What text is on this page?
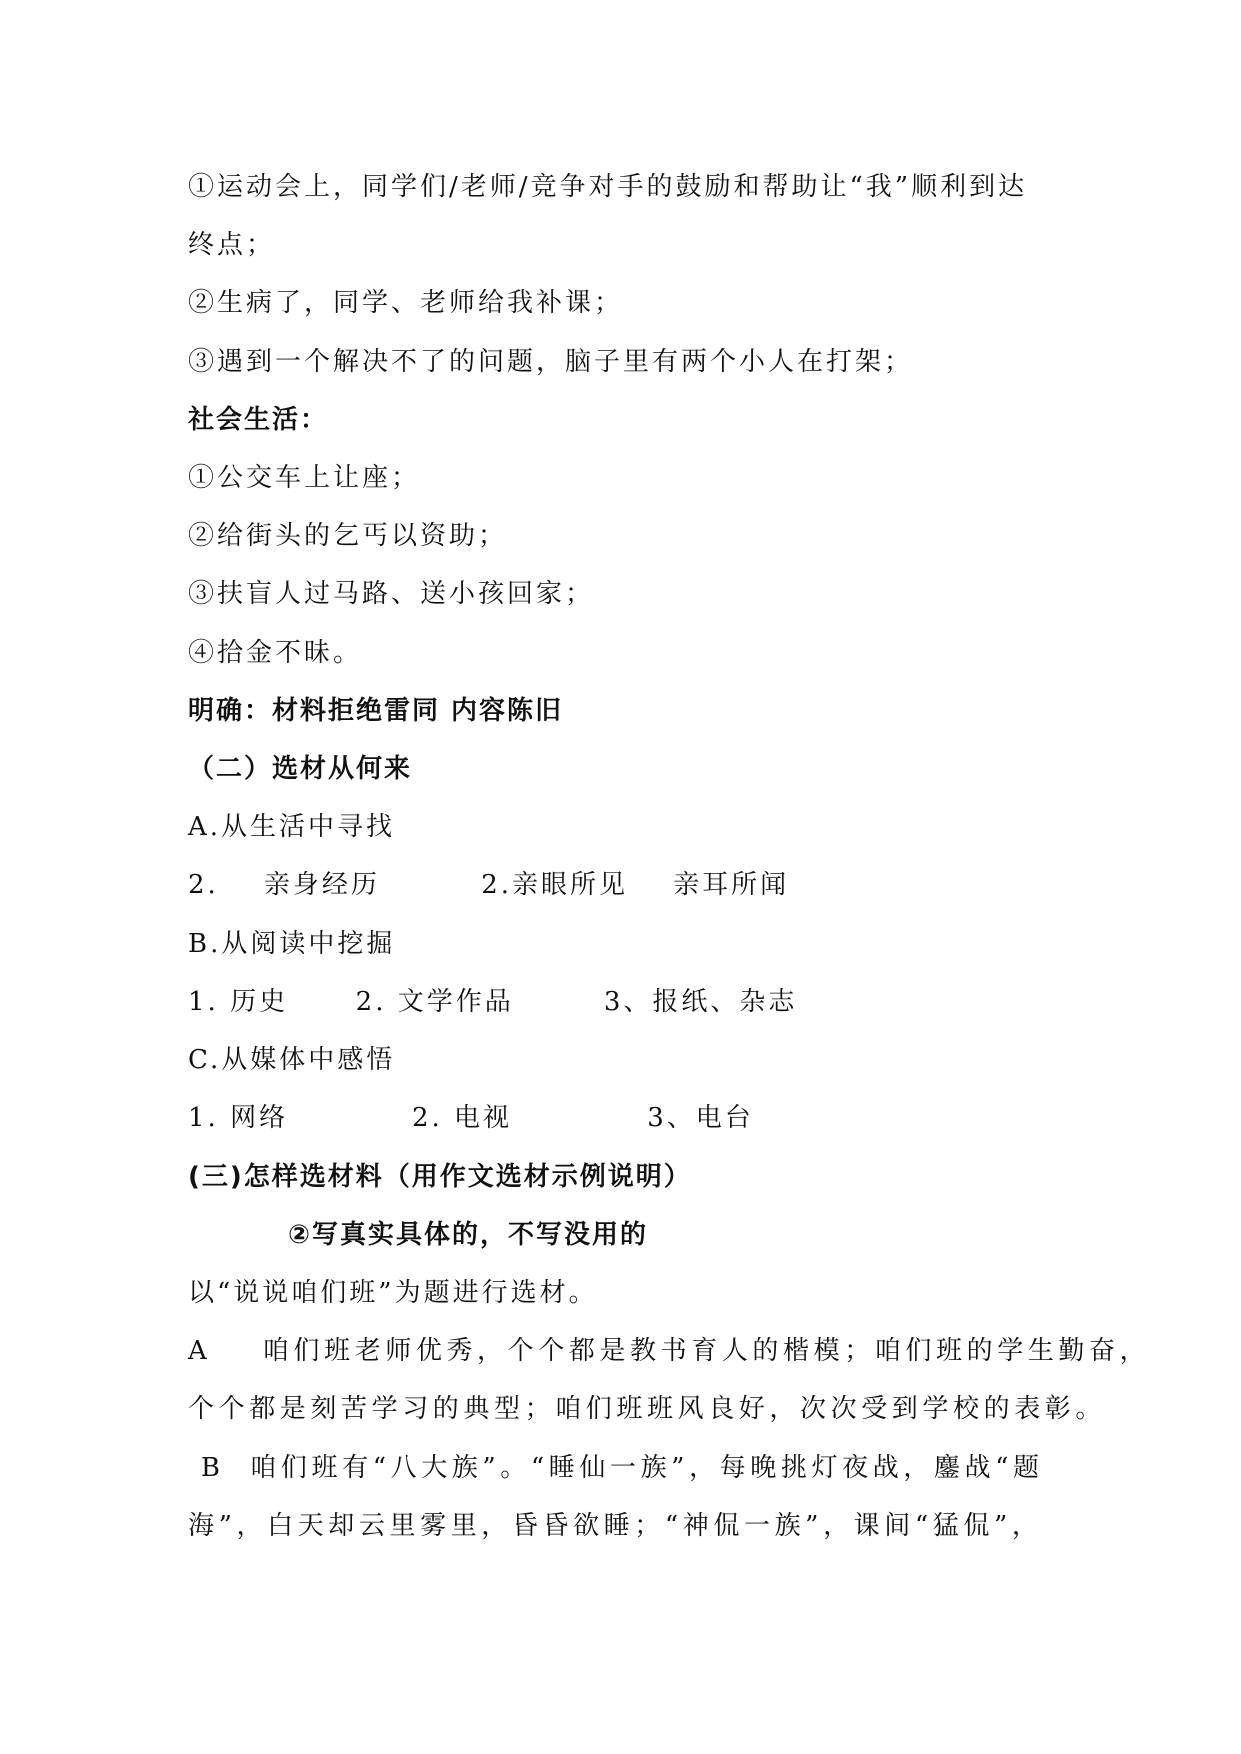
①运动会上，同学们/老师/竞争对手的鼓励和帮助让“我”顺利到达
终点；
②生病了，同学、老师给我补课；
③遇到一个解决不了的问题，脑子里有两个小人在打架；
社会生活：
①公交车上让座；
②给街头的乞丐以资助；
③扶盲人过马路、送小孩回家；
④拾金不昧。
明确：材料拒绝雷同 内容陈旧
（二）选材从何来
A.从生活中寻找
2.    亲身经历         2.亲眼所见    亲耳所闻
B.从阅读中挖掘
1. 历史      2. 文学作品        3、报纸、杂志
C.从媒体中感悟
1. 网络           2. 电视            3、电台
(三)怎样选材料（用作文选材示例说明）
②写真实具体的，不写没用的
以“说说咱们班”为题进行选材。
A    咱们班老师优秀，个个都是教书育人的楷模；咱们班的学生勤奋，
个个都是刻苦学习的典型；咱们班班风良好，次次受到学校的表彰。
B  咱们班有“八大族”。“睡仙一族”，每晚挑灯夜战，鏖战“题
海”，白天却云里雾里，昏昏欲睡；“神侃一族”，课间“猛侃”，
